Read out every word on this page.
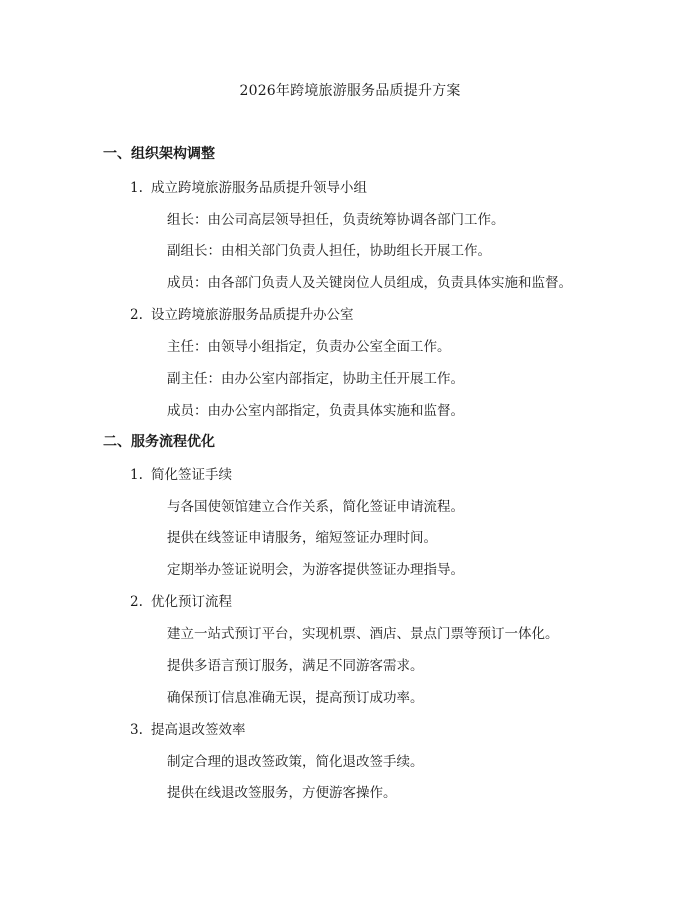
2026年跨境旅游服务品质提升方案
一、组织架构调整
1. 成立跨境旅游服务品质提升领导小组
组长：由公司高层领导担任，负责统筹协调各部门工作。
副组长：由相关部门负责人担任，协助组长开展工作。
成员：由各部门负责人及关键岗位人员组成，负责具体实施和监督。
2. 设立跨境旅游服务品质提升办公室
主任：由领导小组指定，负责办公室全面工作。
副主任：由办公室内部指定，协助主任开展工作。
成员：由办公室内部指定，负责具体实施和监督。
二、服务流程优化
1. 简化签证手续
与各国使领馆建立合作关系，简化签证申请流程。
提供在线签证申请服务，缩短签证办理时间。
定期举办签证说明会，为游客提供签证办理指导。
2. 优化预订流程
建立一站式预订平台，实现机票、酒店、景点门票等预订一体化。
提供多语言预订服务，满足不同游客需求。
确保预订信息准确无误，提高预订成功率。
3. 提高退改签效率
制定合理的退改签政策，简化退改签手续。
提供在线退改签服务，方便游客操作。
